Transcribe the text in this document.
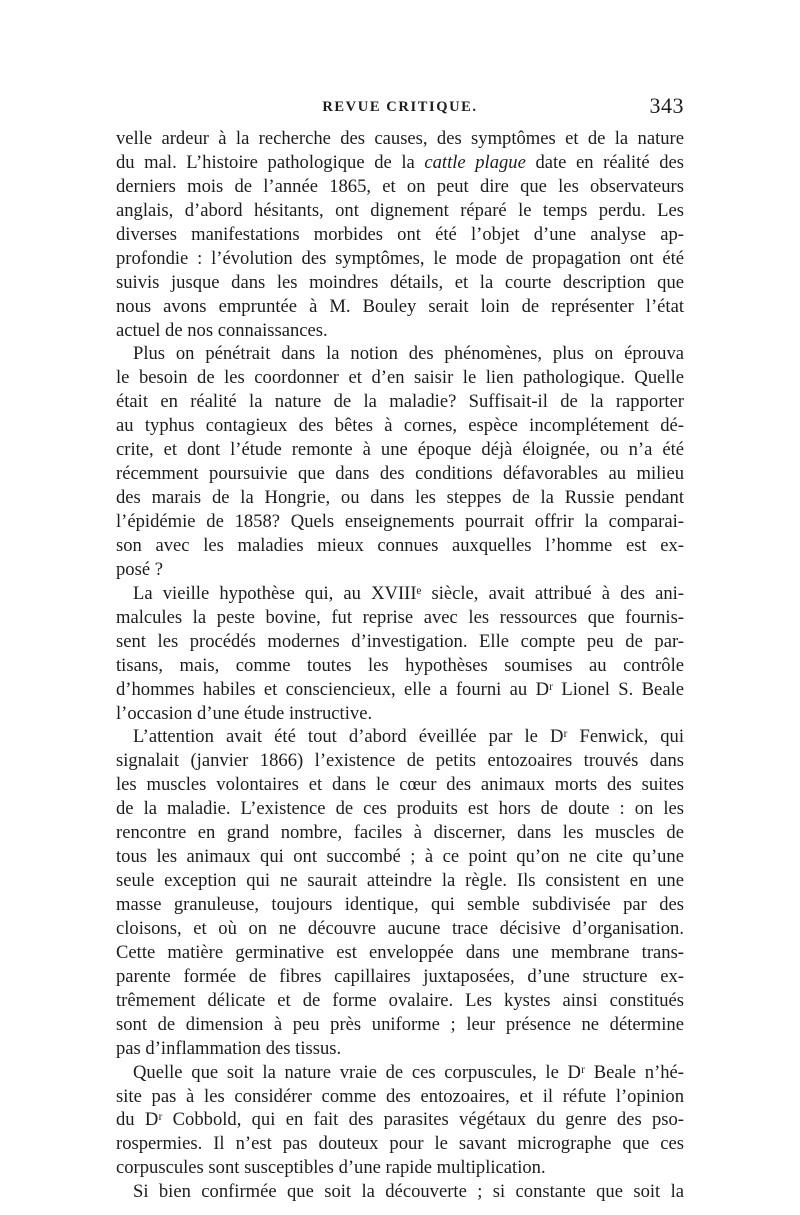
REVUE CRITIQUE.	343
velle ardeur à la recherche des causes, des symptômes et de la nature
du mal. L’histoire pathologique de la cattle plague date en réalité des
derniers mois de l’année 1865, et on peut dire que les observateurs
anglais, d’abord hésitants, ont dignement réparé le temps perdu. Les
diverses manifestations morbides ont été l’objet d’une analyse ap-
profondie : l’évolution des symptômes, le mode de propagation ont été
suivis jusque dans les moindres détails, et la courte description que
nous avons empruntée à M. Bouley serait loin de représenter l’état
actuel de nos connaissances.
Plus on pénétrait dans la notion des phénomènes, plus on éprouva
le besoin de les coordonner et d’en saisir le lien pathologique. Quelle
était en réalité la nature de la maladie? Suffisait-il de la rapporter
au typhus contagieux des bêtes à cornes, espèce incomplétement dé-
crite, et dont l’étude remonte à une époque déjà éloignée, ou n’a été
récemment poursuivie que dans des conditions défavorables au milieu
des marais de la Hongrie, ou dans les steppes de la Russie pendant
l’épidémie de 1858? Quels enseignements pourrait offrir la comparai-
son avec les maladies mieux connues auxquelles l’homme est ex-
posé ?
La vieille hypothèse qui, au XVIIIᵉ siècle, avait attribué à des ani-
malcules la peste bovine, fut reprise avec les ressources que fournis-
sent les procédés modernes d’investigation. Elle compte peu de par-
tisans, mais, comme toutes les hypothèses soumises au contrôle
d’hommes habiles et consciencieux, elle a fourni au Dʳ Lionel S. Beale
l’occasion d’une étude instructive.
L’attention avait été tout d’abord éveillée par le Dʳ Fenwick, qui
signalait (janvier 1866) l’existence de petits entozoaires trouvés dans
les muscles volontaires et dans le cœur des animaux morts des suites
de la maladie. L’existence de ces produits est hors de doute : on les
rencontre en grand nombre, faciles à discerner, dans les muscles de
tous les animaux qui ont succombé ; à ce point qu’on ne cite qu’une
seule exception qui ne saurait atteindre la règle. Ils consistent en une
masse granuleuse, toujours identique, qui semble subdivisée par des
cloisons, et où on ne découvre aucune trace décisive d’organisation.
Cette matière germinative est enveloppée dans une membrane trans-
parente formée de fibres capillaires juxtaposées, d’une structure ex-
trêmement délicate et de forme ovalaire. Les kystes ainsi constitués
sont de dimension à peu près uniforme ; leur présence ne détermine
pas d’inflammation des tissus.
Quelle que soit la nature vraie de ces corpuscules, le Dʳ Beale n’hé-
site pas à les considérer comme des entozoaires, et il réfute l’opinion
du Dʳ Cobbold, qui en fait des parasites végétaux du genre des pso-
rospermies. Il n’est pas douteux pour le savant micrographe que ces
corpuscules sont susceptibles d’une rapide multiplication.
Si bien confirmée que soit la découverte ; si constante que soit la
